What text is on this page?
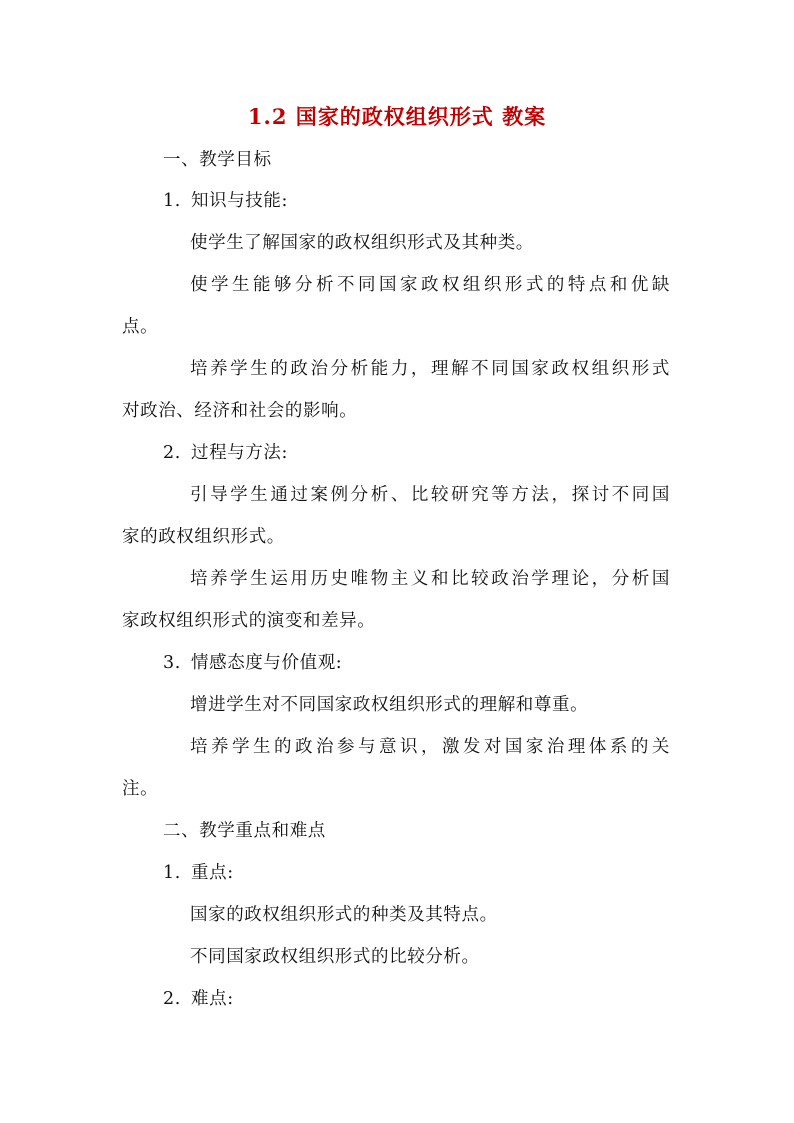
1.2 国家的政权组织形式 教案
一、教学目标
1. 知识与技能:
使学生了解国家的政权组织形式及其种类。
使学生能够分析不同国家政权组织形式的特点和优缺
点。
培养学生的政治分析能力，理解不同国家政权组织形式
对政治、经济和社会的影响。
2. 过程与方法:
引导学生通过案例分析、比较研究等方法，探讨不同国
家的政权组织形式。
培养学生运用历史唯物主义和比较政治学理论，分析国
家政权组织形式的演变和差异。
3. 情感态度与价值观:
增进学生对不同国家政权组织形式的理解和尊重。
培养学生的政治参与意识，激发对国家治理体系的关
注。
二、教学重点和难点
1. 重点:
国家的政权组织形式的种类及其特点。
不同国家政权组织形式的比较分析。
2. 难点:
